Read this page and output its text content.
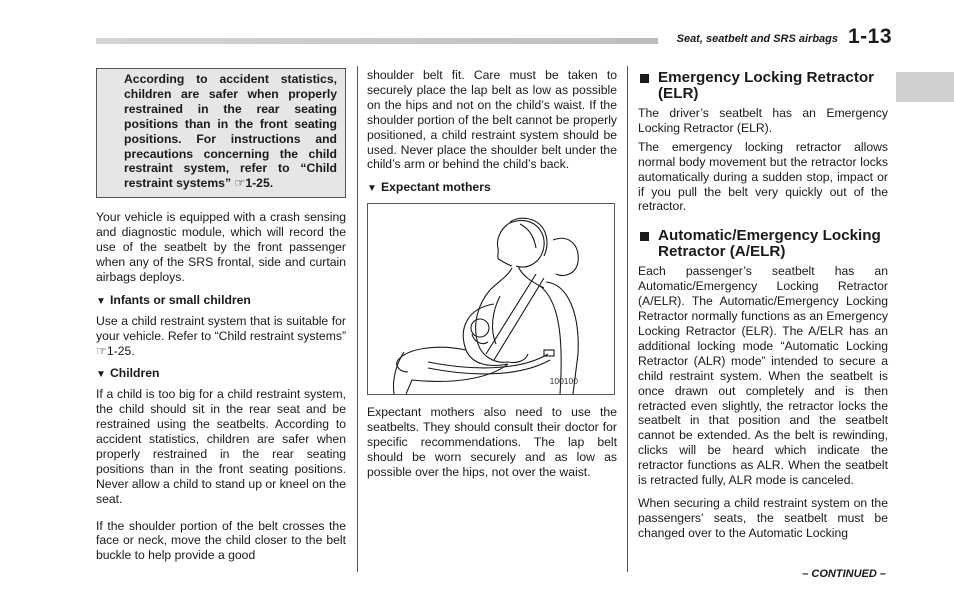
Seat, seatbelt and SRS airbags 1-13
According to accident statistics, children are safer when properly restrained in the rear seating positions than in the front seating positions. For instructions and precautions concerning the child restraint system, refer to “Child restraint systems” ☞1-25.

Your vehicle is equipped with a crash sensing and diagnostic module, which will record the use of the seatbelt by the front passenger when any of the SRS frontal, side and curtain airbags deploys.

▼ Infants or small children

Use a child restraint system that is suitable for your vehicle. Refer to “Child restraint systems” ☞1-25.

▼ Children

If a child is too big for a child restraint system, the child should sit in the rear seat and be restrained using the seatbelts. According to accident statistics, children are safer when properly restrained in the rear seating positions than in the front seating positions. Never allow a child to stand up or kneel on the seat.

If the shoulder portion of the belt crosses the face or neck, move the child closer to the belt buckle to help provide a good

shoulder belt fit. Care must be taken to securely place the lap belt as low as possible on the hips and not on the child’s waist. If the shoulder portion of the belt cannot be properly positioned, a child restraint system should be used. Never place the shoulder belt under the child’s arm or behind the child’s back.

▼ Expectant mothers
100100

Expectant mothers also need to use the seatbelts. They should consult their doctor for specific recommendations. The lap belt should be worn securely and as low as possible over the hips, not over the waist.

Emergency Locking Retractor (ELR)

The driver’s seatbelt has an Emergency Locking Retractor (ELR).

The emergency locking retractor allows normal body movement but the retractor locks automatically during a sudden stop, impact or if you pull the belt very quickly out of the retractor.

Automatic/Emergency Locking Retractor (A/ELR)

Each passenger’s seatbelt has an Automatic/Emergency Locking Retractor (A/ELR). The Automatic/Emergency Locking Retractor normally functions as an Emergency Locking Retractor (ELR). The A/ELR has an additional locking mode “Automatic Locking Retractor (ALR) mode” intended to secure a child restraint system. When the seatbelt is once drawn out completely and is then retracted even slightly, the retractor locks the seatbelt in that position and the seatbelt cannot be extended. As the belt is rewinding, clicks will be heard which indicate the retractor functions as ALR. When the seatbelt is retracted fully, ALR mode is canceled.

When securing a child restraint system on the passengers’ seats, the seatbelt must be changed over to the Automatic Locking

– CONTINUED –
